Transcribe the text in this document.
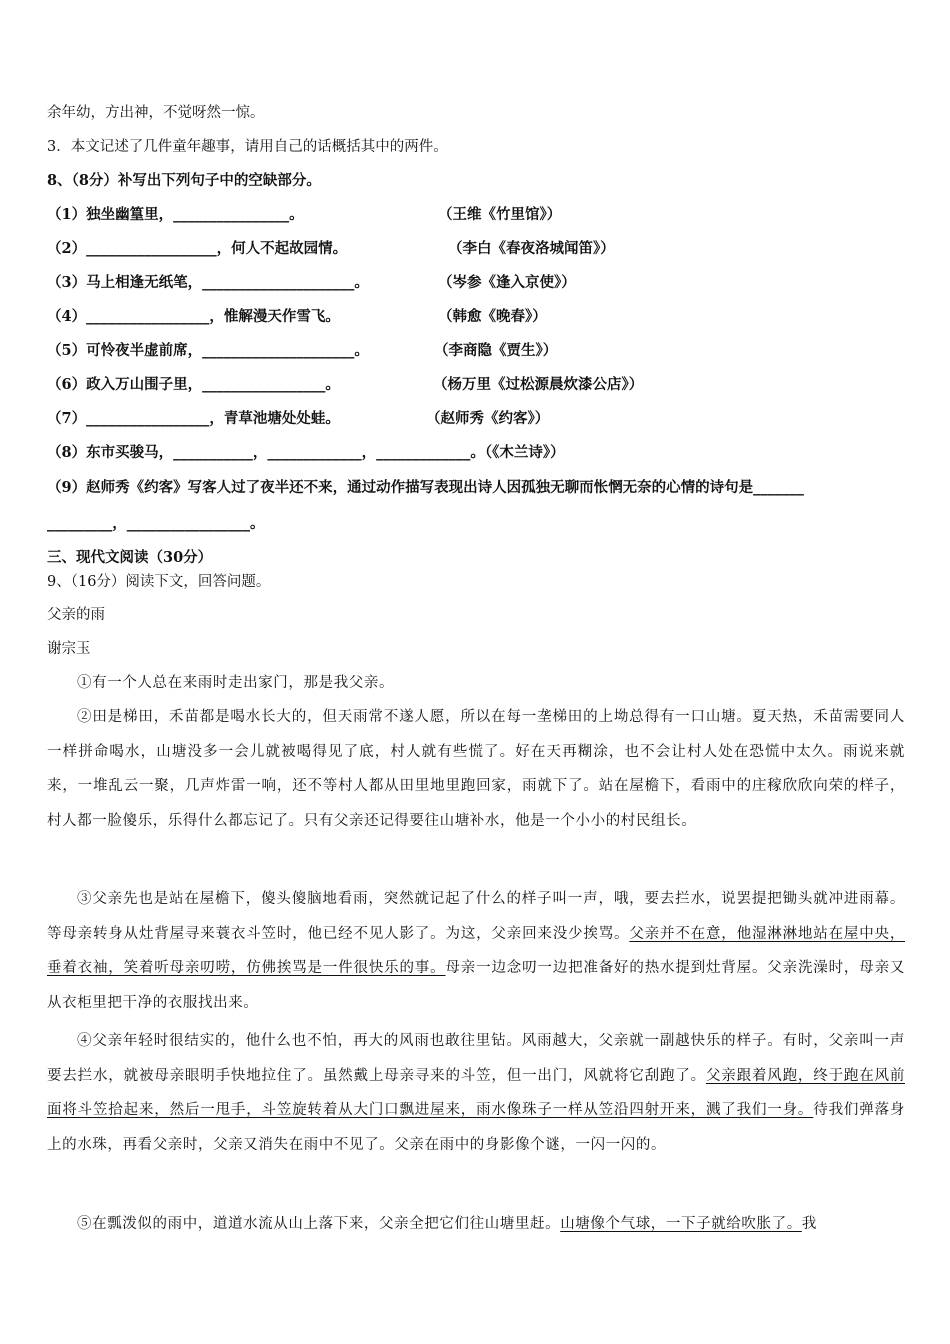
余年幼，方出神，不觉呀然一惊。
3．本文记述了几件童年趣事，请用自己的话概括其中的两件。
8、（8分）补写出下列句子中的空缺部分。
（1）独坐幽篁里，________________。	（王维《竹里馆》）
（2）__________________，何人不起故园情。	（李白《春夜洛城闻笛》）
（3）马上相逢无纸笔，_____________________。	（岑参《逢入京使》）
（4）_________________，惟解漫天作雪飞。	（韩愈《晚春》）
（5）可怜夜半虚前席，_____________________。	（李商隐《贾生》）
（6）政入万山围子里，_________________。	（杨万里《过松源晨炊漆公店》）
（7）_________________，青草池塘处处蛙。	（赵师秀《约客》）
（8）东市买骏马，___________，_____________，_____________。（《木兰诗》）
（9）赵师秀《约客》写客人过了夜半还不来，通过动作描写表现出诗人因孤独无聊而怅惘无奈的心情的诗句是_______
_________，_________________。
三、现代文阅读（30分）
9、（16分）阅读下文，回答问题。
父亲的雨
谢宗玉
①有一个人总在来雨时走出家门，那是我父亲。
②田是梯田，禾苗都是喝水长大的，但天雨常不遂人愿，所以在每一垄梯田的上坳总得有一口山塘。夏天热，禾苗需要同人一样拼命喝水，山塘没多一会儿就被喝得见了底，村人就有些慌了。好在天再糊涂，也不会让村人处在恐慌中太久。雨说来就来，一堆乱云一聚，几声炸雷一响，还不等村人都从田里地里跑回家，雨就下了。站在屋檐下，看雨中的庄稼欣欣向荣的样子，村人都一脸傻乐，乐得什么都忘记了。只有父亲还记得要往山塘补水，他是一个小小的村民组长。
③父亲先也是站在屋檐下，傻头傻脑地看雨，突然就记起了什么的样子叫一声，哦，要去拦水，说罢提把锄头就冲进雨幕。等母亲转身从灶背屋寻来蓑衣斗笠时，他已经不见人影了。为这，父亲回来没少挨骂。父亲并不在意，他湿淋淋地站在屋中央，垂着衣袖，笑着听母亲叨唠，仿佛挨骂是一件很快乐的事。母亲一边念叨一边把准备好的热水提到灶背屋。父亲洗澡时，母亲又从衣柜里把干净的衣服找出来。
④父亲年轻时很结实的，他什么也不怕，再大的风雨也敢往里钻。风雨越大，父亲就一副越快乐的样子。有时，父亲叫一声要去拦水，就被母亲眼明手快地拉住了。虽然戴上母亲寻来的斗笠，但一出门，风就将它刮跑了。父亲跟着风跑，终于跑在风前面将斗笠拾起来，然后一甩手，斗笠旋转着从大门口飘进屋来，雨水像珠子一样从笠沿四射开来，溅了我们一身。待我们弹落身上的水珠，再看父亲时，父亲又消失在雨中不见了。父亲在雨中的身影像个谜，一闪一闪的。
⑤在瓢泼似的雨中，道道水流从山上落下来，父亲全把它们往山塘里赶。山塘像个气球，一下子就给吹胀了。我
